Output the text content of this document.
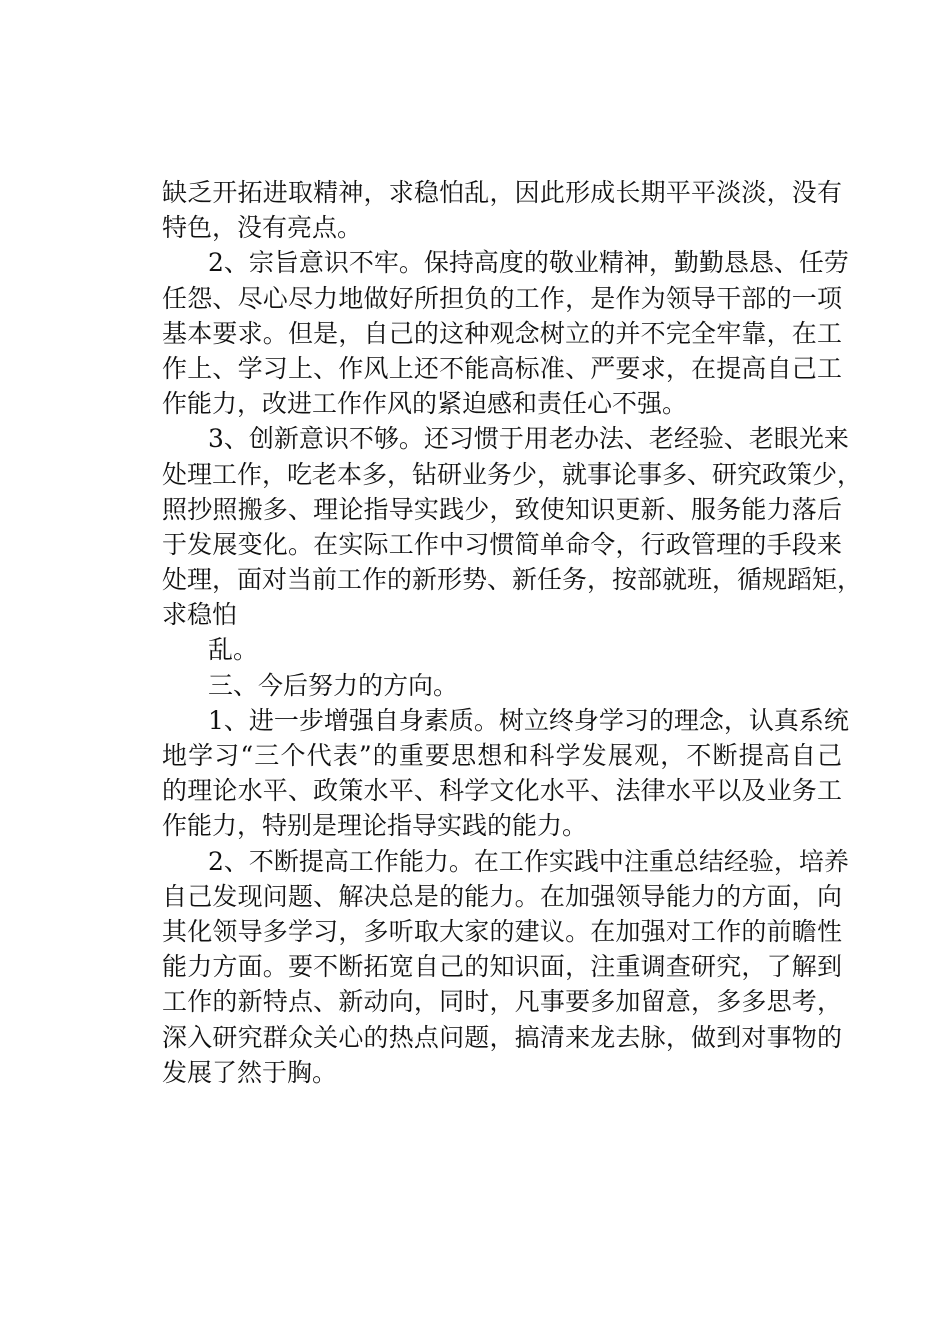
缺乏开拓进取精神，求稳怕乱，因此形成长期平平淡淡，没有
特色，没有亮点。
2、宗旨意识不牢。保持高度的敬业精神，勤勤恳恳、任劳
任怨、尽心尽力地做好所担负的工作，是作为领导干部的一项
基本要求。但是，自己的这种观念树立的并不完全牢靠，在工
作上、学习上、作风上还不能高标准、严要求，在提高自己工
作能力，改进工作作风的紧迫感和责任心不强。
3、创新意识不够。还习惯于用老办法、老经验、老眼光来
处理工作，吃老本多，钻研业务少，就事论事多、研究政策少，
照抄照搬多、理论指导实践少，致使知识更新、服务能力落后
于发展变化。在实际工作中习惯简单命令，行政管理的手段来
处理，面对当前工作的新形势、新任务，按部就班，循规蹈矩，
求稳怕
乱。
三、今后努力的方向。
1、进一步增强自身素质。树立终身学习的理念，认真系统
地学习“三个代表”的重要思想和科学发展观，不断提高自己
的理论水平、政策水平、科学文化水平、法律水平以及业务工
作能力，特别是理论指导实践的能力。
2、不断提高工作能力。在工作实践中注重总结经验，培养
自己发现问题、解决总是的能力。在加强领导能力的方面，向
其化领导多学习，多听取大家的建议。在加强对工作的前瞻性
能力方面。要不断拓宽自己的知识面，注重调查研究，了解到
工作的新特点、新动向，同时，凡事要多加留意，多多思考，
深入研究群众关心的热点问题，搞清来龙去脉，做到对事物的
发展了然于胸。
